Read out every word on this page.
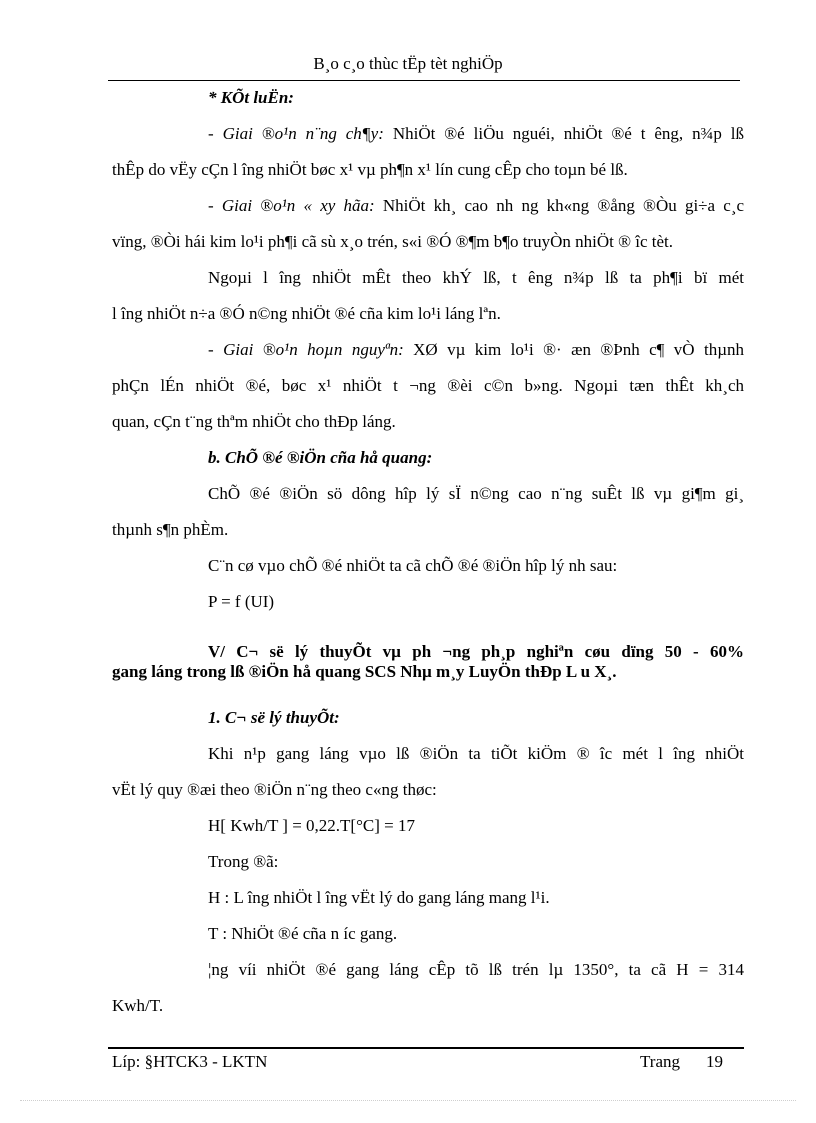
B¸o c¸o thùc tËp tèt nghiÖp

* KÕt luËn:

- Giai ®o¹n n¨ng ch¶y: NhiÖt ®é liÖu nguéi, nhiÖt ®é t êng, n¾p lß

thÊp do vËy cÇn l îng nhiÖt bøc x¹ vµ ph¶n x¹ lín cung cÊp cho toµn bé lß.

- Giai ®o¹n « xy hãa: NhiÖt kh¸ cao nh ng kh«ng ®ång ®Òu gi÷a c¸c

vïng, ®Òi hái kim lo¹i ph¶i cã sù x¸o trén, s«i ®Ó ®¶m b¶o truyÒn nhiÖt ® îc tèt.

Ngoµi l îng nhiÖt mÊt theo khÝ lß, t êng n¾p lß ta ph¶i bï mét

l îng nhiÖt n÷a ®Ó n©ng nhiÖt ®é cña kim lo¹i láng lªn.

- Giai ®o¹n hoµn nguyªn: XØ vµ kim lo¹i ®· æn ®Þnh c¶ vÒ thµnh

phÇn lÉn nhiÖt ®é, bøc x¹ nhiÖt t ¬ng ®èi c©n b»ng. Ngoµi tæn thÊt kh¸ch

quan, cÇn t¨ng thªm nhiÖt cho thÐp láng.

b. ChÕ ®é ®iÖn cña hå quang:

ChÕ ®é ®iÖn sö dông hîp lý sÏ n©ng cao n¨ng suÊt lß vµ gi¶m gi¸

thµnh s¶n phÈm.

C¨n cø vµo chÕ ®é nhiÖt ta cã chÕ ®é ®iÖn hîp lý nh sau:

P = f (UI)

V/ C¬ së lý thuyÕt vµ ph ¬ng ph¸p nghiªn cøu dïng 50 - 60%
gang láng trong lß ®iÖn hå quang SCS Nhµ m¸y LuyÖn thÐp L u X¸.

1. C¬ së lý thuyÕt:

Khi n¹p gang láng vµo lß ®iÖn ta tiÕt kiÖm ® îc mét l îng nhiÖt

vËt lý quy ®æi theo ®iÖn n¨ng theo c«ng thøc:

H[ Kwh/T ] = 0,22.T[°C] = 17

Trong ®ã:

H : L îng nhiÖt l îng vËt lý do gang láng mang l¹i.

T : NhiÖt ®é cña n íc gang.

¦ng víi nhiÖt ®é gang láng cÊp tõ lß trén lµ 1350°, ta cã H = 314

Kwh/T.

Líp: §HTCK3 - LKTN	Trang 19
